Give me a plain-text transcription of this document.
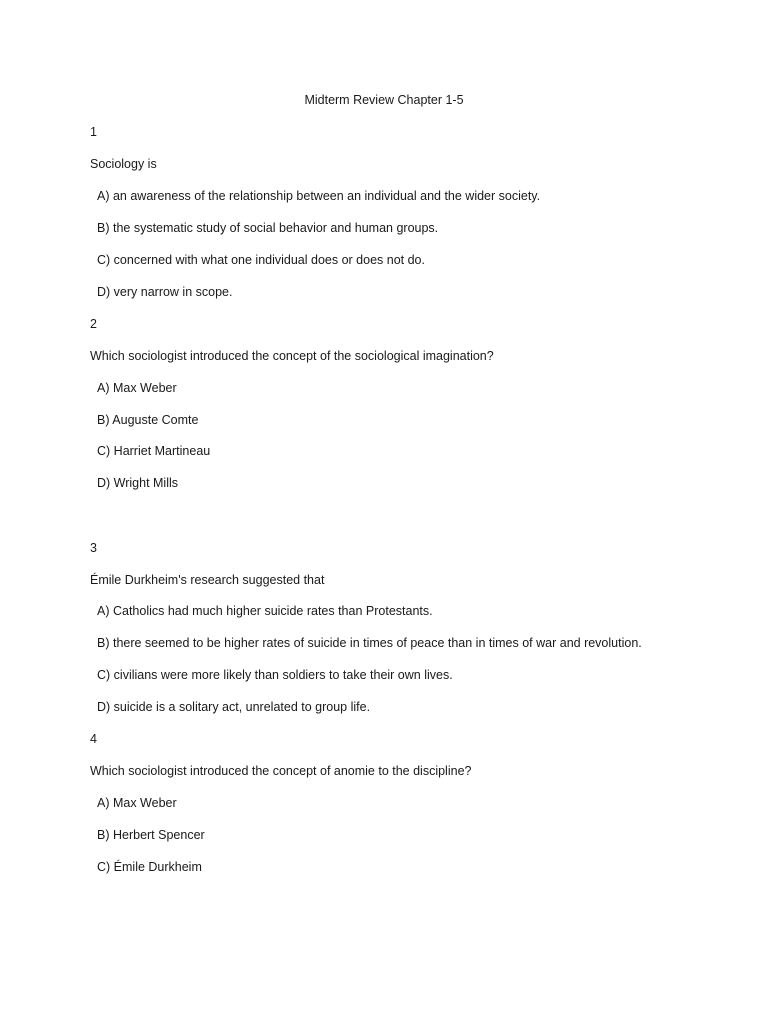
Midterm Review Chapter 1-5
1
Sociology is
A) an awareness of the relationship between an individual and the wider society.
B) the systematic study of social behavior and human groups.
C) concerned with what one individual does or does not do.
D) very narrow in scope.
2
Which sociologist introduced the concept of the sociological imagination?
A) Max Weber
B) Auguste Comte
C) Harriet Martineau
D) Wright Mills
3
Émile Durkheim's research suggested that
A) Catholics had much higher suicide rates than Protestants.
B) there seemed to be higher rates of suicide in times of peace than in times of war and revolution.
C) civilians were more likely than soldiers to take their own lives.
D) suicide is a solitary act, unrelated to group life.
4
Which sociologist introduced the concept of anomie to the discipline?
A) Max Weber
B) Herbert Spencer
C) Émile Durkheim
